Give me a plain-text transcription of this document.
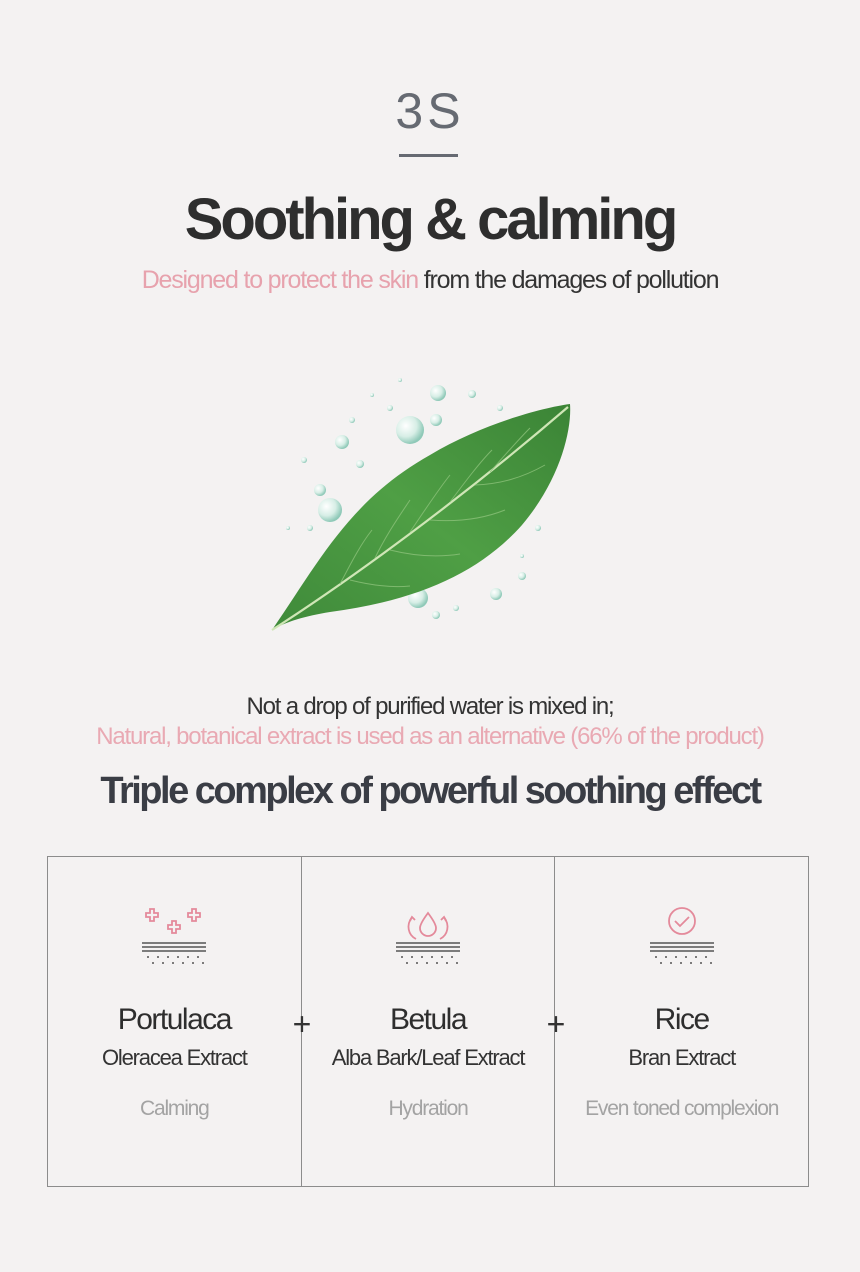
3S
Soothing & calming
Designed to protect the skin from the damages of pollution
Not a drop of purified water is mixed in;
Natural, botanical extract is used as an alternative (66% of the product)
Triple complex of powerful soothing effect
Portulaca
Oleracea Extract
Calming
Betula
Alba Bark/Leaf Extract
Hydration
Rice
Bran Extract
Even toned complexion
+	+
